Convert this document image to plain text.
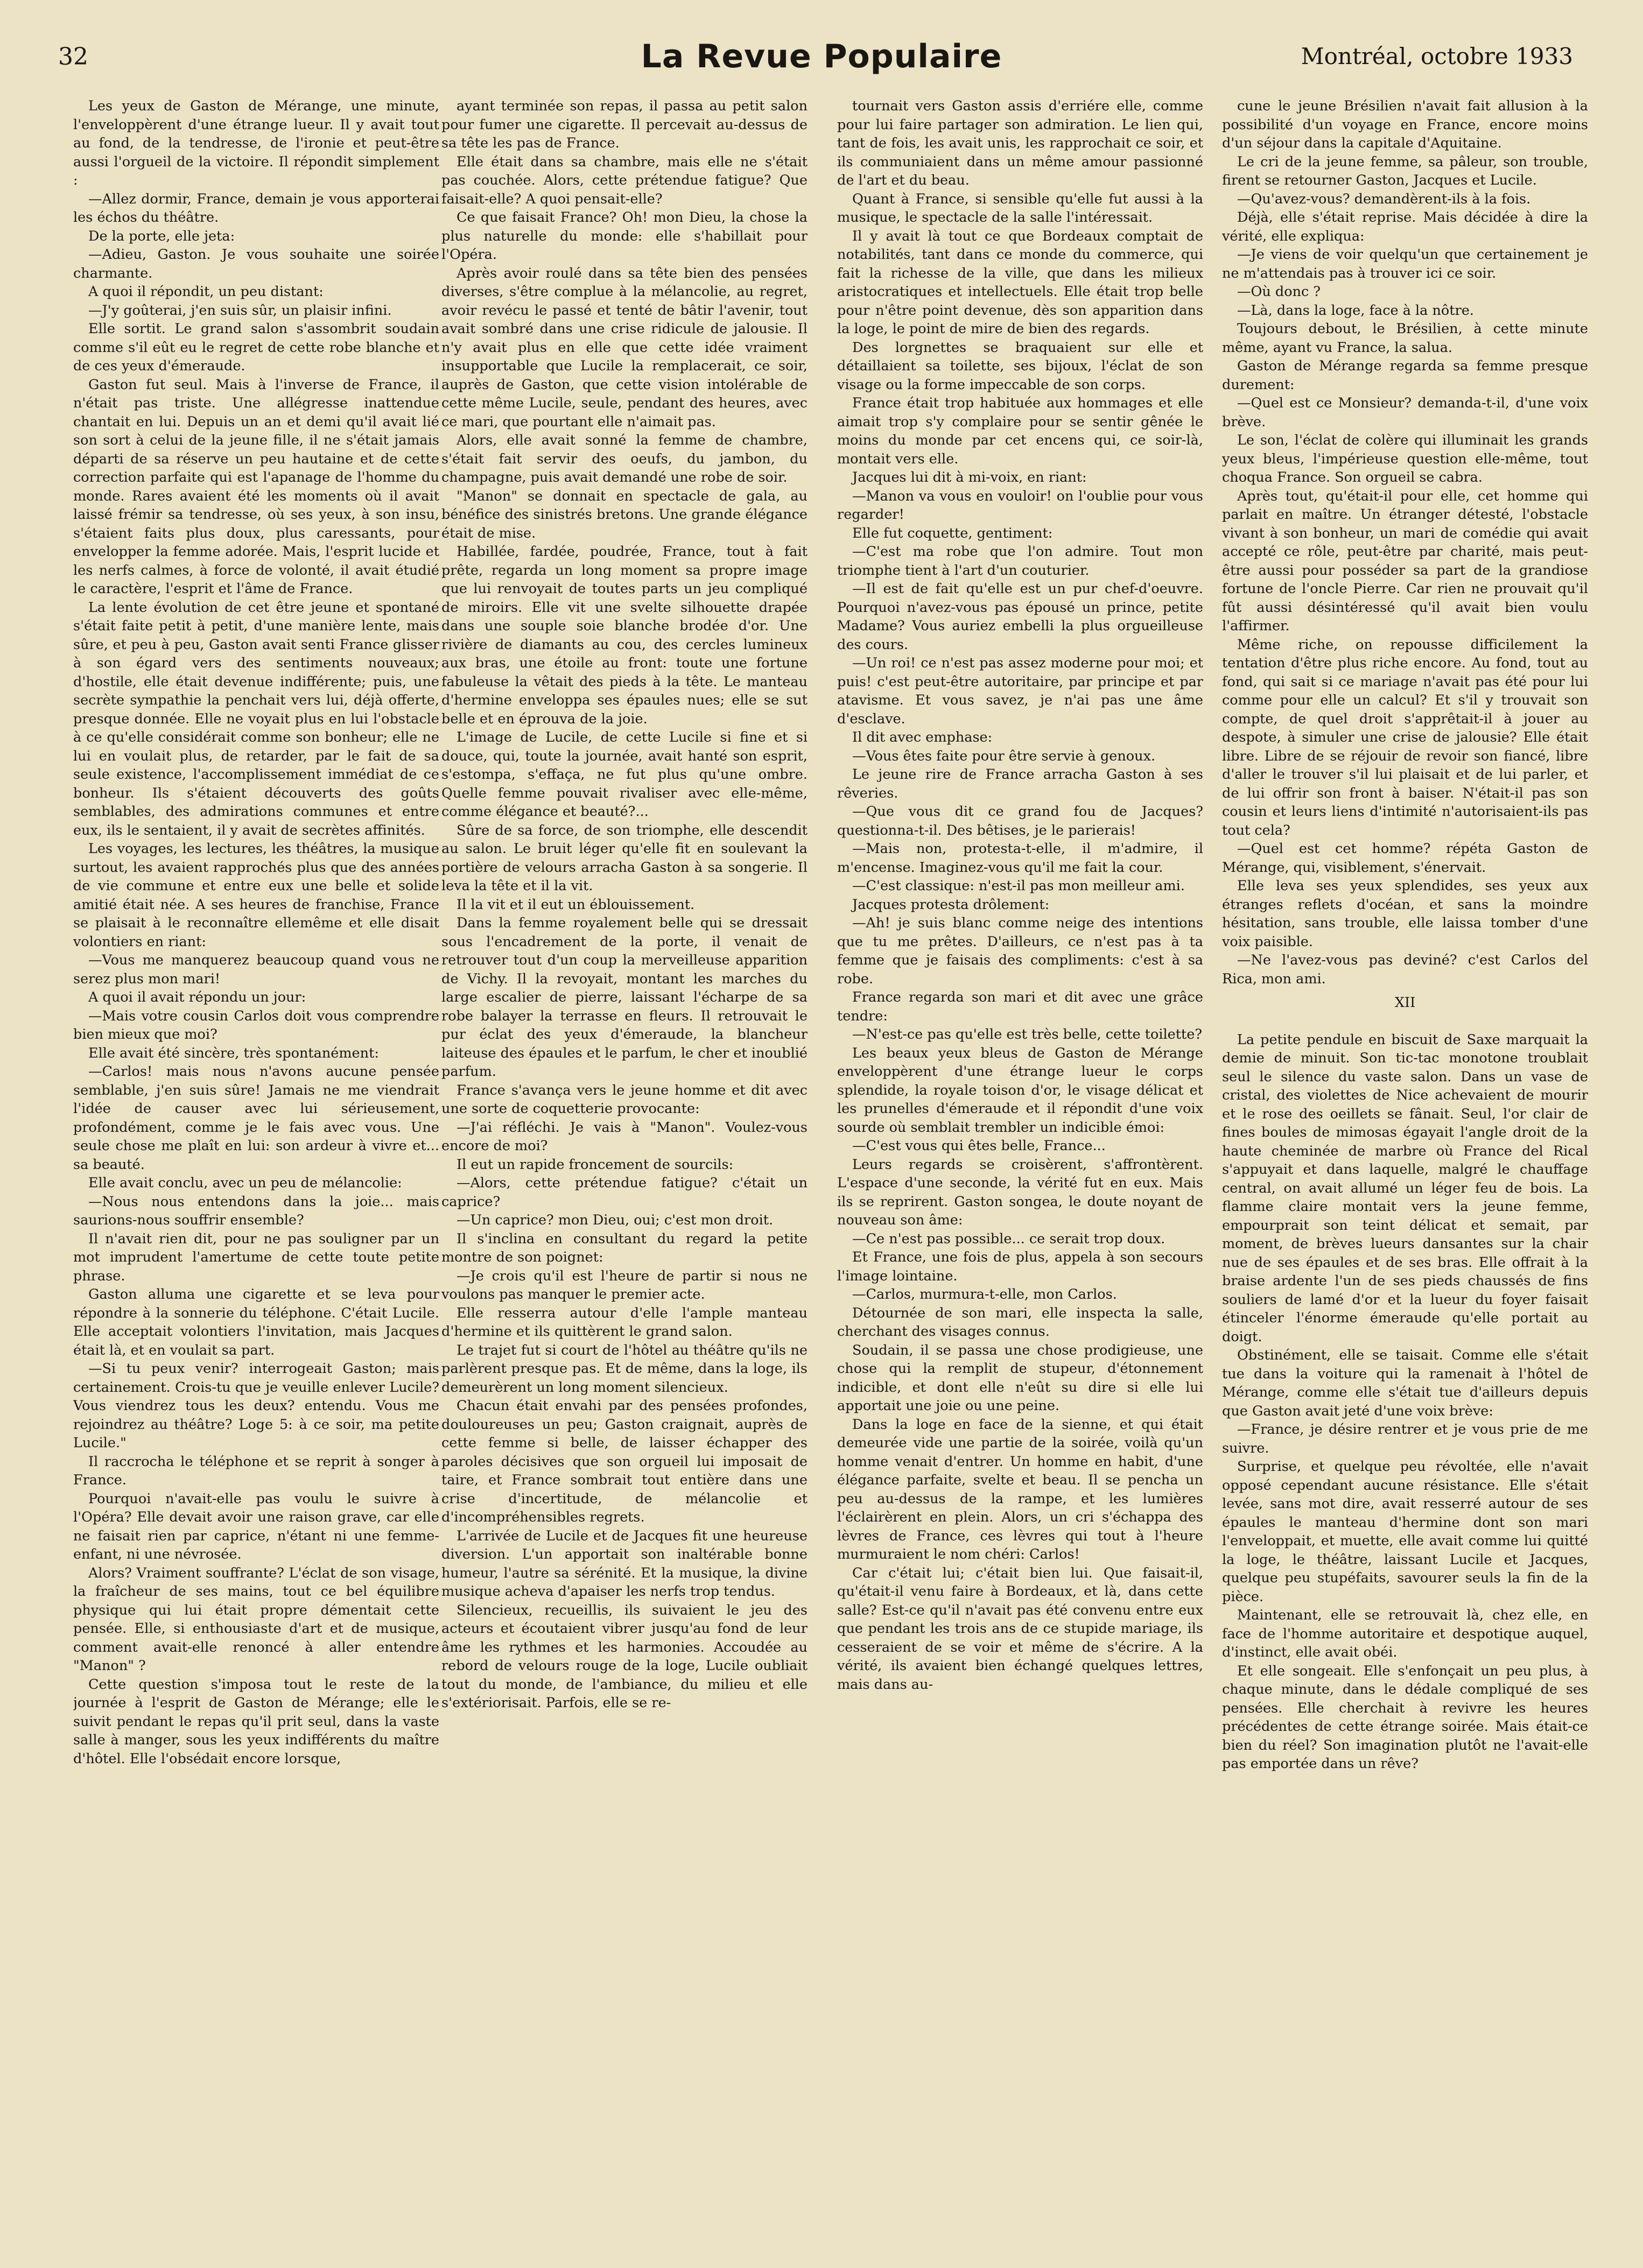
32	La Revue Populaire	Montréal, octobre 1933

Les yeux de Gaston de Mérange, une minute, l'enveloppèrent d'une étrange lueur. Il y avait tout au fond, de la tendresse, de l'ironie et peut-être aussi l'orgueil de la victoire. Il répondit simplement :

—Allez dormir, France, demain je vous apporterai les échos du théâtre.

De la porte, elle jeta:

—Adieu, Gaston. Je vous souhaite une soirée charmante.

A quoi il répondit, un peu distant:

—J'y goûterai, j'en suis sûr, un plaisir infini.

Elle sortit. Le grand salon s'assombrit soudain comme s'il eût eu le regret de cette robe blanche et de ces yeux d'émeraude.

Gaston fut seul. Mais à l'inverse de France, il n'était pas triste. Une allégresse inattendue chantait en lui. Depuis un an et demi qu'il avait lié son sort à celui de la jeune fille, il ne s'était jamais départi de sa réserve un peu hautaine et de cette correction parfaite qui est l'apanage de l'homme du monde. Rares avaient été les moments où il avait laissé frémir sa tendresse, où ses yeux, à son insu, s'étaient faits plus doux, plus caressants, pour envelopper la femme adorée. Mais, l'esprit lucide et les nerfs calmes, à force de volonté, il avait étudié le caractère, l'esprit et l'âme de France.

La lente évolution de cet être jeune et spontané s'était faite petit à petit, d'une manière lente, mais sûre, et peu à peu, Gaston avait senti France glisser à son égard vers des sentiments nouveaux; d'hostile, elle était devenue indifférente; puis, une secrète sympathie la penchait vers lui, déjà offerte, presque donnée. Elle ne voyait plus en lui l'obstacle à ce qu'elle considérait comme son bonheur; elle ne lui en voulait plus, de retarder, par le fait de sa seule existence, l'accomplissement immédiat de ce bonheur. Ils s'étaient découverts des goûts semblables, des admirations communes et entre eux, ils le sentaient, il y avait de secrètes affinités.

Les voyages, les lectures, les théâtres, la musique surtout, les avaient rapprochés plus que des années de vie commune et entre eux une belle et solide amitié était née. A ses heures de franchise, France se plaisait à le reconnaître ellemême et elle disait volontiers en riant:

—Vous me manquerez beaucoup quand vous ne serez plus mon mari!

A quoi il avait répondu un jour:

—Mais votre cousin Carlos doit vous comprendre bien mieux que moi?

Elle avait été sincère, très spontanément:

—Carlos! mais nous n'avons aucune pensée semblable, j'en suis sûre! Jamais ne me viendrait l'idée de causer avec lui sérieusement, profondément, comme je le fais avec vous. Une seule chose me plaît en lui: son ardeur à vivre et... sa beauté.

Elle avait conclu, avec un peu de mélancolie:

—Nous nous entendons dans la joie... mais saurions-nous souffrir ensemble?

Il n'avait rien dit, pour ne pas souligner par un mot imprudent l'amertume de cette toute petite phrase.

Gaston alluma une cigarette et se leva pour répondre à la sonnerie du téléphone. C'était Lucile. Elle acceptait volontiers l'invitation, mais Jacques était là, et en voulait sa part.

—Si tu peux venir? interrogeait Gaston; mais certainement. Crois-tu que je veuille enlever Lucile? Vous viendrez tous les deux? entendu. Vous me rejoindrez au théâtre? Loge 5: à ce soir, ma petite Lucile."

Il raccrocha le téléphone et se reprit à songer à France.

Pourquoi n'avait-elle pas voulu le suivre à l'Opéra? Elle devait avoir une raison grave, car elle ne faisait rien par caprice, n'étant ni une femme-enfant, ni une névrosée.

Alors? Vraiment souffrante? L'éclat de son visage, la fraîcheur de ses mains, tout ce bel équilibre physique qui lui était propre démentait cette pensée. Elle, si enthousiaste d'art et de musique, comment avait-elle renoncé à aller entendre "Manon" ?

Cette question s'imposa tout le reste de la journée à l'esprit de Gaston de Mérange; elle le suivit pendant le repas qu'il prit seul, dans la vaste salle à manger, sous les yeux indifférents du maître d'hôtel. Elle l'obsédait encore lorsque,

ayant terminée son repas, il passa au petit salon pour fumer une cigarette. Il percevait au-dessus de sa tête les pas de France.

Elle était dans sa chambre, mais elle ne s'était pas couchée. Alors, cette prétendue fatigue? Que faisait-elle? A quoi pensait-elle?

Ce que faisait France? Oh! mon Dieu, la chose la plus naturelle du monde: elle s'habillait pour l'Opéra.

Après avoir roulé dans sa tête bien des pensées diverses, s'être complue à la mélancolie, au regret, avoir revécu le passé et tenté de bâtir l'avenir, tout avait sombré dans une crise ridicule de jalousie. Il n'y avait plus en elle que cette idée vraiment insupportable que Lucile la remplacerait, ce soir, auprès de Gaston, que cette vision intolérable de cette même Lucile, seule, pendant des heures, avec ce mari, que pourtant elle n'aimait pas.

Alors, elle avait sonné la femme de chambre, s'était fait servir des oeufs, du jambon, du champagne, puis avait demandé une robe de soir.

"Manon" se donnait en spectacle de gala, au bénéfice des sinistrés bretons. Une grande élégance était de mise.

Habillée, fardée, poudrée, France, tout à fait prête, regarda un long moment sa propre image que lui renvoyait de toutes parts un jeu compliqué de miroirs. Elle vit une svelte silhouette drapée dans une souple soie blanche brodée d'or. Une rivière de diamants au cou, des cercles lumineux aux bras, une étoile au front: toute une fortune fabuleuse la vêtait des pieds à la tête. Le manteau d'hermine enveloppa ses épaules nues; elle se sut belle et en éprouva de la joie.

L'image de Lucile, de cette Lucile si fine et si douce, qui, toute la journée, avait hanté son esprit, s'estompa, s'effaça, ne fut plus qu'une ombre. Quelle femme pouvait rivaliser avec elle-même, comme élégance et beauté?...

Sûre de sa force, de son triomphe, elle descendit au salon. Le bruit léger qu'elle fit en soulevant la portière de velours arracha Gaston à sa songerie. Il leva la tête et il la vit.

Il la vit et il eut un éblouissement.

Dans la femme royalement belle qui se dressait sous l'encadrement de la porte, il venait de retrouver tout d'un coup la merveilleuse apparition de Vichy. Il la revoyait, montant les marches du large escalier de pierre, laissant l'écharpe de sa robe balayer la terrasse en fleurs. Il retrouvait le pur éclat des yeux d'émeraude, la blancheur laiteuse des épaules et le parfum, le cher et inoublié parfum.

France s'avança vers le jeune homme et dit avec une sorte de coquetterie provocante:

—J'ai réfléchi. Je vais à "Manon". Voulez-vous encore de moi?

Il eut un rapide froncement de sourcils:

—Alors, cette prétendue fatigue? c'était un caprice?

—Un caprice? mon Dieu, oui; c'est mon droit.

Il s'inclina en consultant du regard la petite montre de son poignet:

—Je crois qu'il est l'heure de partir si nous ne voulons pas manquer le premier acte.

Elle resserra autour d'elle l'ample manteau d'hermine et ils quittèrent le grand salon.

Le trajet fut si court de l'hôtel au théâtre qu'ils ne parlèrent presque pas. Et de même, dans la loge, ils demeurèrent un long moment silencieux.

Chacun était envahi par des pensées profondes, douloureuses un peu; Gaston craignait, auprès de cette femme si belle, de laisser échapper des paroles décisives que son orgueil lui imposait de taire, et France sombrait tout entière dans une crise d'incertitude, de mélancolie et d'incompréhensibles regrets.

L'arrivée de Lucile et de Jacques fit une heureuse diversion. L'un apportait son inaltérable bonne humeur, l'autre sa sérénité. Et la musique, la divine musique acheva d'apaiser les nerfs trop tendus.

Silencieux, recueillis, ils suivaient le jeu des acteurs et écoutaient vibrer jusqu'au fond de leur âme les rythmes et les harmonies. Accoudée au rebord de velours rouge de la loge, Lucile oubliait tout du monde, de l'ambiance, du milieu et elle s'extériorisait. Parfois, elle se re-

tournait vers Gaston assis d'erriére elle, comme pour lui faire partager son admiration. Le lien qui, tant de fois, les avait unis, les rapprochait ce soir, et ils communiaient dans un même amour passionné de l'art et du beau.

Quant à France, si sensible qu'elle fut aussi à la musique, le spectacle de la salle l'intéressait.

Il y avait là tout ce que Bordeaux comptait de notabilités, tant dans ce monde du commerce, qui fait la richesse de la ville, que dans les milieux aristocratiques et intellectuels. Elle était trop belle pour n'être point devenue, dès son apparition dans la loge, le point de mire de bien des regards.

Des lorgnettes se braquaient sur elle et détaillaient sa toilette, ses bijoux, l'éclat de son visage ou la forme impeccable de son corps.

France était trop habituée aux hommages et elle aimait trop s'y complaire pour se sentir gênée le moins du monde par cet encens qui, ce soir-là, montait vers elle.

Jacques lui dit à mi-voix, en riant:

—Manon va vous en vouloir! on l'oublie pour vous regarder!

Elle fut coquette, gentiment:

—C'est ma robe que l'on admire. Tout mon triomphe tient à l'art d'un couturier.

—Il est de fait qu'elle est un pur chef-d'oeuvre. Pourquoi n'avez-vous pas épousé un prince, petite Madame? Vous auriez embelli la plus orgueilleuse des cours.

—Un roi! ce n'est pas assez moderne pour moi; et puis! c'est peut-être autoritaire, par principe et par atavisme. Et vous savez, je n'ai pas une âme d'esclave.

Il dit avec emphase:

—Vous êtes faite pour être servie à genoux.

Le jeune rire de France arracha Gaston à ses rêveries.

—Que vous dit ce grand fou de Jacques? questionna-t-il. Des bêtises, je le parierais!

—Mais non, protesta-t-elle, il m'admire, il m'encense. Imaginez-vous qu'il me fait la cour.

—C'est classique: n'est-il pas mon meilleur ami.

Jacques protesta drôlement:

—Ah! je suis blanc comme neige des intentions que tu me prêtes. D'ailleurs, ce n'est pas à ta femme que je faisais des compliments: c'est à sa robe.

France regarda son mari et dit avec une grâce tendre:

—N'est-ce pas qu'elle est très belle, cette toilette?

Les beaux yeux bleus de Gaston de Mérange enveloppèrent d'une étrange lueur le corps splendide, la royale toison d'or, le visage délicat et les prunelles d'émeraude et il répondit d'une voix sourde où semblait trembler un indicible émoi:

—C'est vous qui êtes belle, France...

Leurs regards se croisèrent, s'affrontèrent. L'espace d'une seconde, la vérité fut en eux. Mais ils se reprirent. Gaston songea, le doute noyant de nouveau son âme:

—Ce n'est pas possible... ce serait trop doux.

Et France, une fois de plus, appela à son secours l'image lointaine.

—Carlos, murmura-t-elle, mon Carlos.

Détournée de son mari, elle inspecta la salle, cherchant des visages connus.

Soudain, il se passa une chose prodigieuse, une chose qui la remplit de stupeur, d'étonnement indicible, et dont elle n'eût su dire si elle lui apportait une joie ou une peine.

Dans la loge en face de la sienne, et qui était demeurée vide une partie de la soirée, voilà qu'un homme venait d'entrer. Un homme en habit, d'une élégance parfaite, svelte et beau. Il se pencha un peu au-dessus de la rampe, et les lumières l'éclairèrent en plein. Alors, un cri s'échappa des lèvres de France, ces lèvres qui tout à l'heure murmuraient le nom chéri: Carlos!

Car c'était lui; c'était bien lui. Que faisait-il, qu'était-il venu faire à Bordeaux, et là, dans cette salle? Est-ce qu'il n'avait pas été convenu entre eux que pendant les trois ans de ce stupide mariage, ils cesseraient de se voir et même de s'écrire. A la vérité, ils avaient bien échangé quelques lettres, mais dans au-

cune le jeune Brésilien n'avait fait allusion à la possibilité d'un voyage en France, encore moins d'un séjour dans la capitale d'Aquitaine.

Le cri de la jeune femme, sa pâleur, son trouble, firent se retourner Gaston, Jacques et Lucile.

—Qu'avez-vous? demandèrent-ils à la fois.

Déjà, elle s'était reprise. Mais décidée à dire la vérité, elle expliqua:

—Je viens de voir quelqu'un que certainement je ne m'attendais pas à trouver ici ce soir.

—Où donc ?

—Là, dans la loge, face à la nôtre.

Toujours debout, le Brésilien, à cette minute même, ayant vu France, la salua.

Gaston de Mérange regarda sa femme presque durement:

—Quel est ce Monsieur? demanda-t-il, d'une voix brève.

Le son, l'éclat de colère qui illuminait les grands yeux bleus, l'impérieuse question elle-même, tout choqua France. Son orgueil se cabra.

Après tout, qu'était-il pour elle, cet homme qui parlait en maître. Un étranger détesté, l'obstacle vivant à son bonheur, un mari de comédie qui avait accepté ce rôle, peut-être par charité, mais peut-être aussi pour posséder sa part de la grandiose fortune de l'oncle Pierre. Car rien ne prouvait qu'il fût aussi désintéressé qu'il avait bien voulu l'affirmer.

Même riche, on repousse difficilement la tentation d'être plus riche encore. Au fond, tout au fond, qui sait si ce mariage n'avait pas été pour lui comme pour elle un calcul? Et s'il y trouvait son compte, de quel droit s'apprêtait-il à jouer au despote, à simuler une crise de jalousie? Elle était libre. Libre de se réjouir de revoir son fiancé, libre d'aller le trouver s'il lui plaisait et de lui parler, et de lui offrir son front à baiser. N'était-il pas son cousin et leurs liens d'intimité n'autorisaient-ils pas tout cela?

—Quel est cet homme? répéta Gaston de Mérange, qui, visiblement, s'énervait.

Elle leva ses yeux splendides, ses yeux aux étranges reflets d'océan, et sans la moindre hésitation, sans trouble, elle laissa tomber d'une voix paisible.

—Ne l'avez-vous pas deviné? c'est Carlos del Rica, mon ami.

XII

La petite pendule en biscuit de Saxe marquait la demie de minuit. Son tic-tac monotone troublait seul le silence du vaste salon. Dans un vase de cristal, des violettes de Nice achevaient de mourir et le rose des oeillets se fânait. Seul, l'or clair de fines boules de mimosas égayait l'angle droit de la haute cheminée de marbre où France del Rical s'appuyait et dans laquelle, malgré le chauffage central, on avait allumé un léger feu de bois. La flamme claire montait vers la jeune femme, empourprait son teint délicat et semait, par moment, de brèves lueurs dansantes sur la chair nue de ses épaules et de ses bras. Elle offrait à la braise ardente l'un de ses pieds chaussés de fins souliers de lamé d'or et la lueur du foyer faisait étinceler l'énorme émeraude qu'elle portait au doigt.

Obstinément, elle se taisait. Comme elle s'était tue dans la voiture qui la ramenait à l'hôtel de Mérange, comme elle s'était tue d'ailleurs depuis que Gaston avait jeté d'une voix brève:

—France, je désire rentrer et je vous prie de me suivre.

Surprise, et quelque peu révoltée, elle n'avait opposé cependant aucune résistance. Elle s'était levée, sans mot dire, avait resserré autour de ses épaules le manteau d'hermine dont son mari l'enveloppait, et muette, elle avait comme lui quitté la loge, le théâtre, laissant Lucile et Jacques, quelque peu stupéfaits, savourer seuls la fin de la pièce.

Maintenant, elle se retrouvait là, chez elle, en face de l'homme autoritaire et despotique auquel, d'instinct, elle avait obéi.

Et elle songeait. Elle s'enfonçait un peu plus, à chaque minute, dans le dédale compliqué de ses pensées. Elle cherchait à revivre les heures précédentes de cette étrange soirée. Mais était-ce bien du réel? Son imagination plutôt ne l'avait-elle pas emportée dans un rêve?
